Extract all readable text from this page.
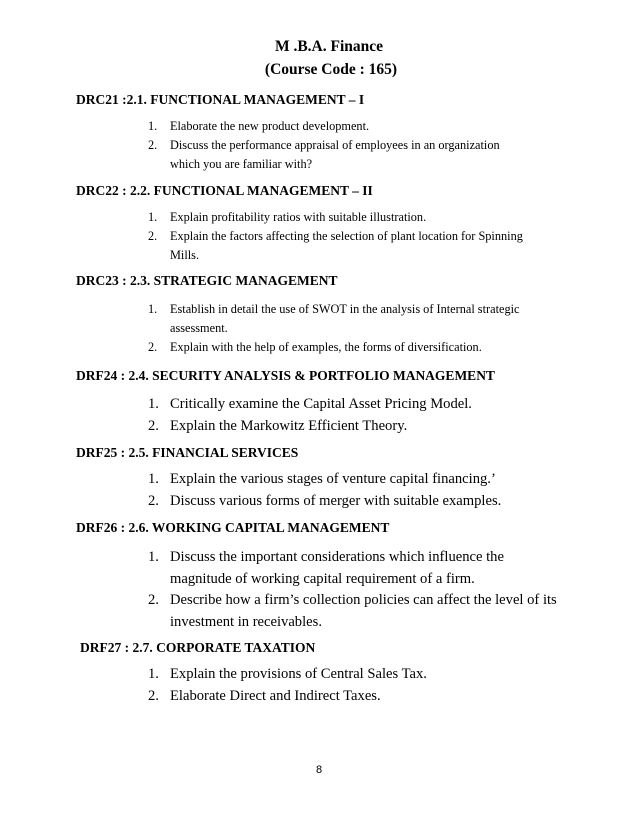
M .B.A. Finance
(Course Code : 165)
DRC21 :2.1. FUNCTIONAL MANAGEMENT – I
1. Elaborate the new product development.
2. Discuss the performance appraisal of employees in an organization
which you are familiar with?
DRC22 : 2.2. FUNCTIONAL MANAGEMENT – II
1. Explain profitability ratios with suitable illustration.
2. Explain the factors affecting the selection of plant location for Spinning
Mills.
DRC23 : 2.3. STRATEGIC MANAGEMENT
1. Establish in detail the use of SWOT in the analysis of Internal strategic
assessment.
2. Explain with the help of examples, the forms of diversification.
DRF24 : 2.4. SECURITY ANALYSIS & PORTFOLIO MANAGEMENT
1. Critically examine the Capital Asset Pricing Model.
2. Explain the Markowitz Efficient Theory.
DRF25 : 2.5. FINANCIAL SERVICES
1. Explain the various stages of venture capital financing.’
2. Discuss various forms of merger with suitable examples.
DRF26 : 2.6. WORKING CAPITAL MANAGEMENT
1. Discuss the important considerations which influence the
magnitude of working capital requirement of a firm.
2. Describe how a firm’s collection policies can affect the level of its
investment in receivables.
DRF27 : 2.7. CORPORATE TAXATION
1. Explain the provisions of Central Sales Tax.
2. Elaborate Direct and Indirect Taxes.
8
